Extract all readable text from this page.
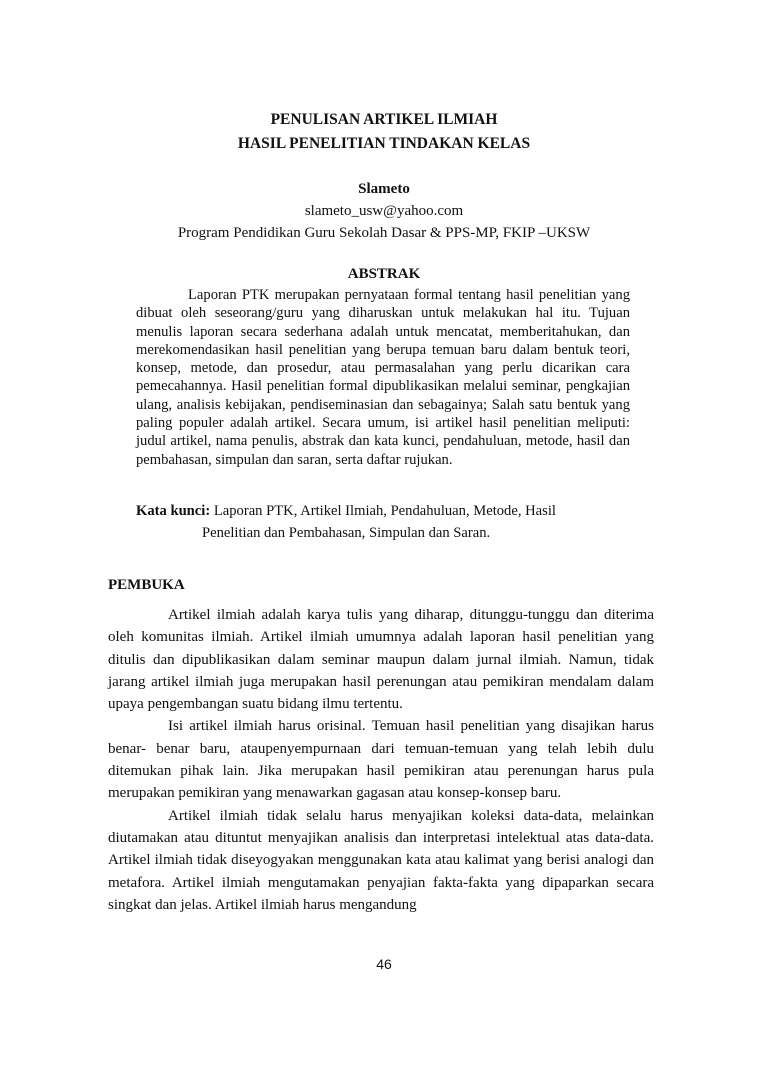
PENULISAN ARTIKEL ILMIAH
HASIL PENELITIAN TINDAKAN KELAS
Slameto
slameto_usw@yahoo.com
Program Pendidikan Guru Sekolah Dasar & PPS-MP, FKIP –UKSW
ABSTRAK

Laporan PTK merupakan pernyataan formal tentang hasil penelitian yang dibuat oleh seseorang/guru yang diharuskan untuk melakukan hal itu. Tujuan menulis laporan secara sederhana adalah untuk mencatat, memberitahukan, dan merekomendasikan hasil penelitian yang berupa temuan baru dalam bentuk teori, konsep, metode, dan prosedur, atau permasalahan yang perlu dicarikan cara pemecahannya. Hasil penelitian formal dipublikasikan melalui seminar, pengkajian ulang, analisis kebijakan, pendiseminasian dan sebagainya; Salah satu bentuk yang paling populer adalah artikel. Secara umum, isi artikel hasil penelitian meliputi: judul artikel, nama penulis, abstrak dan kata kunci, pendahuluan, metode, hasil dan pembahasan, simpulan dan saran, serta daftar rujukan.

Kata kunci: Laporan PTK, Artikel Ilmiah, Pendahuluan, Metode, Hasil
Penelitian dan Pembahasan, Simpulan dan Saran.
PEMBUKA

Artikel ilmiah adalah karya tulis yang diharap, ditunggu-tunggu dan diterima oleh komunitas ilmiah. Artikel ilmiah umumnya adalah laporan hasil penelitian yang ditulis dan dipublikasikan dalam seminar maupun dalam jurnal ilmiah. Namun, tidak jarang artikel ilmiah juga merupakan hasil perenungan atau pemikiran mendalam dalam upaya pengembangan suatu bidang ilmu tertentu.

Isi artikel ilmiah harus orisinal. Temuan hasil penelitian yang disajikan harus benar- benar baru, ataupenyempurnaan dari temuan-temuan yang telah lebih dulu ditemukan pihak lain. Jika merupakan hasil pemikiran atau perenungan harus pula merupakan pemikiran yang menawarkan gagasan atau konsep-konsep baru.

Artikel ilmiah tidak selalu harus menyajikan koleksi data-data, melainkan diutamakan atau dituntut menyajikan analisis dan interpretasi intelektual atas data-data. Artikel ilmiah tidak diseyogyakan menggunakan kata atau kalimat yang berisi analogi dan metafora. Artikel ilmiah mengutamakan penyajian fakta-fakta yang dipaparkan secara singkat dan jelas. Artikel ilmiah harus mengandung

46
